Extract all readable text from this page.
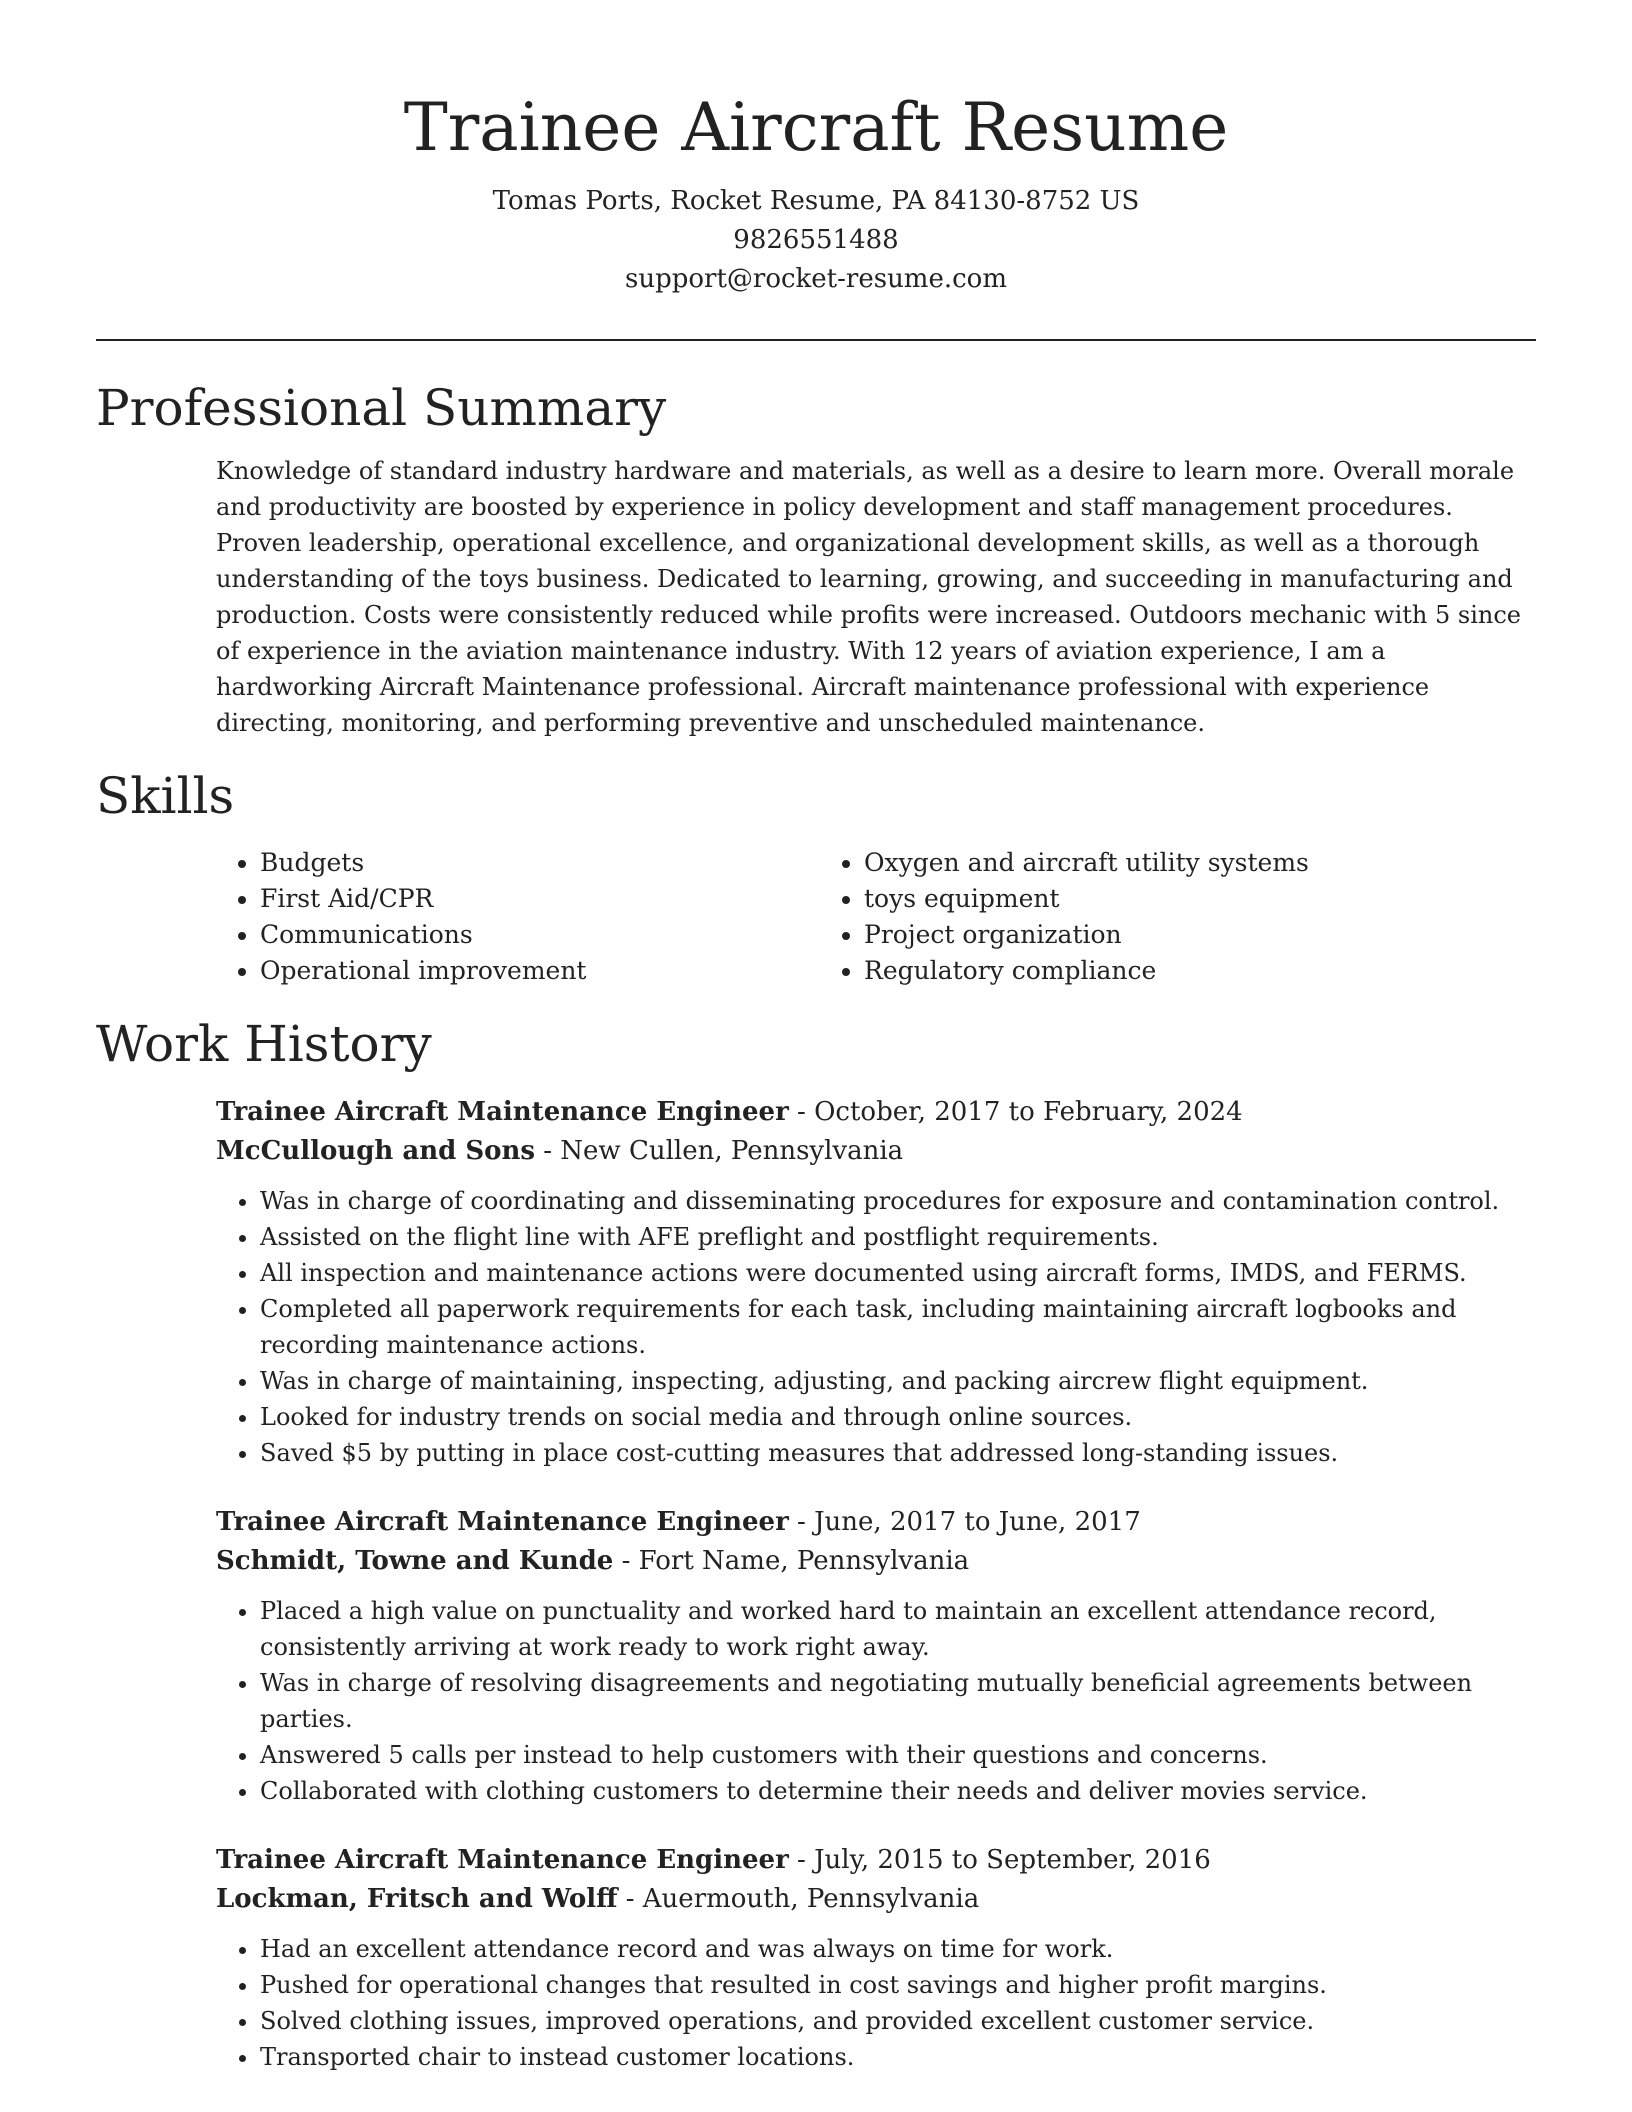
Trainee Aircraft Resume
Tomas Ports, Rocket Resume, PA 84130-8752 US
9826551488
support@rocket-resume.com
Professional Summary

Knowledge of standard industry hardware and materials, as well as a desire to learn more. Overall morale and productivity are boosted by experience in policy development and staff management procedures. Proven leadership, operational excellence, and organizational development skills, as well as a thorough understanding of the toys business. Dedicated to learning, growing, and succeeding in manufacturing and production. Costs were consistently reduced while profits were increased. Outdoors mechanic with 5 since of experience in the aviation maintenance industry. With 12 years of aviation experience, I am a hardworking Aircraft Maintenance professional. Aircraft maintenance professional with experience directing, monitoring, and performing preventive and unscheduled maintenance.

Skills
• Budgets
• First Aid/CPR
• Communications
• Operational improvement
• Oxygen and aircraft utility systems
• toys equipment
• Project organization
• Regulatory compliance
Work History
Trainee Aircraft Maintenance Engineer - October, 2017 to February, 2024
McCullough and Sons - New Cullen, Pennsylvania
• Was in charge of coordinating and disseminating procedures for exposure and contamination control.
• Assisted on the flight line with AFE preflight and postflight requirements.
• All inspection and maintenance actions were documented using aircraft forms, IMDS, and FERMS.
• Completed all paperwork requirements for each task, including maintaining aircraft logbooks and recording maintenance actions.
• Was in charge of maintaining, inspecting, adjusting, and packing aircrew flight equipment.
• Looked for industry trends on social media and through online sources.
• Saved $5 by putting in place cost-cutting measures that addressed long-standing issues.
Trainee Aircraft Maintenance Engineer - June, 2017 to June, 2017
Schmidt, Towne and Kunde - Fort Name, Pennsylvania
• Placed a high value on punctuality and worked hard to maintain an excellent attendance record, consistently arriving at work ready to work right away.
• Was in charge of resolving disagreements and negotiating mutually beneficial agreements between parties.
• Answered 5 calls per instead to help customers with their questions and concerns.
• Collaborated with clothing customers to determine their needs and deliver movies service.
Trainee Aircraft Maintenance Engineer - July, 2015 to September, 2016
Lockman, Fritsch and Wolff - Auermouth, Pennsylvania
• Had an excellent attendance record and was always on time for work.
• Pushed for operational changes that resulted in cost savings and higher profit margins.
• Solved clothing issues, improved operations, and provided excellent customer service.
• Transported chair to instead customer locations.
